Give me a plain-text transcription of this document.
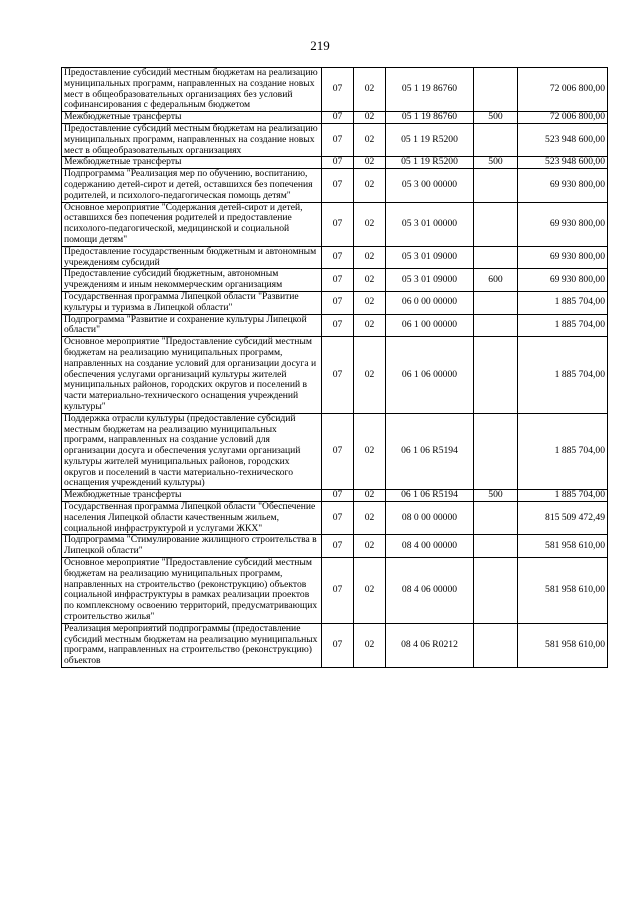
219
Предоставление субсидий местным бюджетам на реализацию муниципальных программ, направленных на создание новых мест в общеобразовательных организациях без условий софинансирования с федеральным бюджетом	07	02	05 1 19 86760		72 006 800,00
Межбюджетные трансферты	07	02	05 1 19 86760	500	72 006 800,00
Предоставление субсидий местным бюджетам на реализацию муниципальных программ, направленных на создание новых мест в общеобразовательных организациях	07	02	05 1 19 R5200		523 948 600,00
Межбюджетные трансферты	07	02	05 1 19 R5200	500	523 948 600,00
Подпрограмма "Реализация мер по обучению, воспитанию, содержанию детей-сирот и детей, оставшихся без попечения родителей, и психолого-педагогическая помощь детям"	07	02	05 3 00 00000		69 930 800,00
Основное мероприятие "Содержания детей-сирот и детей, оставшихся без попечения родителей и предоставление психолого-педагогической, медицинской и социальной помощи детям"	07	02	05 3 01 00000		69 930 800,00
Предоставление государственным бюджетным и автономным учреждениям субсидий	07	02	05 3 01 09000		69 930 800,00
Предоставление субсидий бюджетным, автономным учреждениям и иным некоммерческим организациям	07	02	05 3 01 09000	600	69 930 800,00
Государственная программа Липецкой области "Развитие культуры и туризма в Липецкой области"	07	02	06 0 00 00000		1 885 704,00
Подпрограмма "Развитие и сохранение культуры Липецкой области"	07	02	06 1 00 00000		1 885 704,00
Основное мероприятие "Предоставление субсидий местным бюджетам на реализацию муниципальных программ, направленных на создание условий для организации досуга и обеспечения услугами организаций культуры жителей муниципальных районов, городских округов и поселений в части материально-технического оснащения учреждений культуры"	07	02	06 1 06 00000		1 885 704,00
Поддержка отрасли культуры (предоставление субсидий местным бюджетам на реализацию муниципальных программ, направленных на создание условий для организации досуга и обеспечения услугами организаций культуры жителей муниципальных районов, городских округов и поселений в части материально-технического оснащения учреждений культуры)	07	02	06 1 06 R5194		1 885 704,00
Межбюджетные трансферты	07	02	06 1 06 R5194	500	1 885 704,00
Государственная программа Липецкой области "Обеспечение населения Липецкой области качественным жильем, социальной инфраструктурой и услугами ЖКХ"	07	02	08 0 00 00000		815 509 472,49
Подпрограмма "Стимулирование жилищного строительства в Липецкой области"	07	02	08 4 00 00000		581 958 610,00
Основное мероприятие "Предоставление субсидий местным бюджетам на реализацию муниципальных программ, направленных на строительство (реконструкцию) объектов социальной инфраструктуры в рамках реализации проектов по комплексному освоению территорий, предусматривающих строительство жилья"	07	02	08 4 06 00000		581 958 610,00
Реализация мероприятий подпрограммы (предоставление субсидий местным бюджетам на реализацию муниципальных программ, направленных на строительство (реконструкцию) объектов	07	02	08 4 06 R0212		581 958 610,00
